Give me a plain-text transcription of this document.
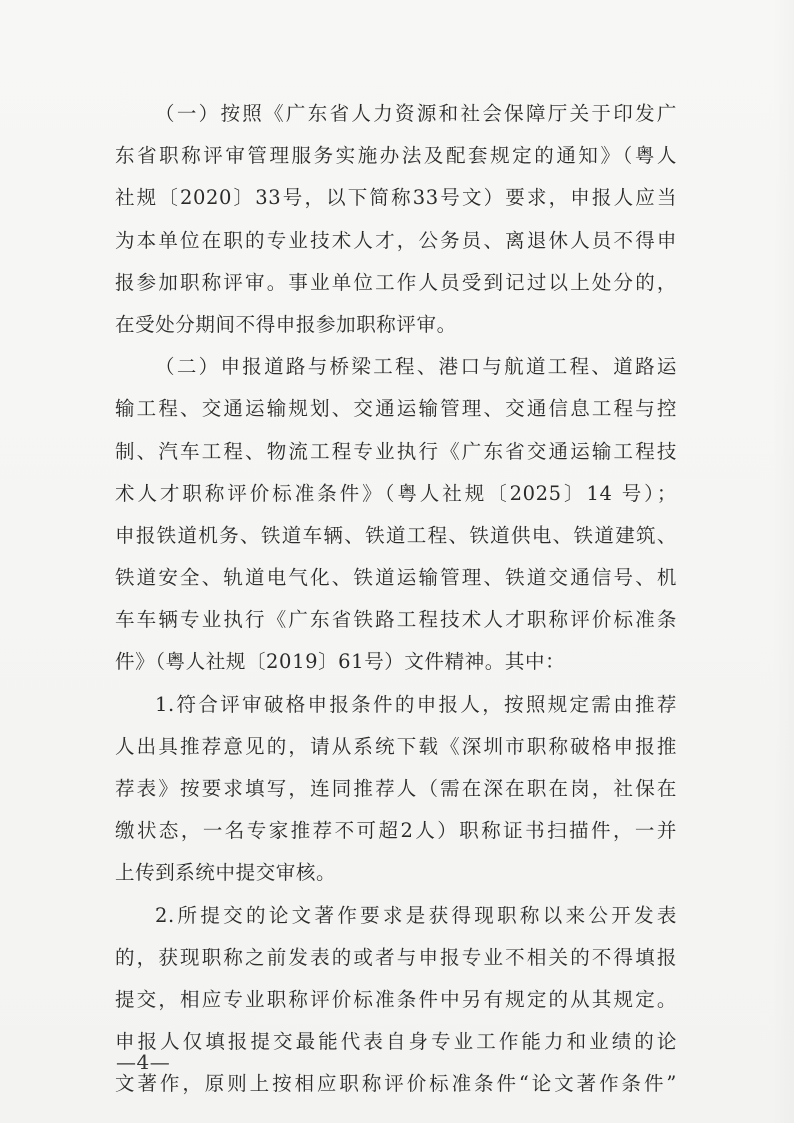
（一）按照《广东省人力资源和社会保障厅关于印发广
东省职称评审管理服务实施办法及配套规定的通知》（粤人
社规〔2020〕33号，以下简称33号文）要求，申报人应当
为本单位在职的专业技术人才，公务员、离退休人员不得申
报参加职称评审。事业单位工作人员受到记过以上处分的，
在受处分期间不得申报参加职称评审。
（二）申报道路与桥梁工程、港口与航道工程、道路运
输工程、交通运输规划、交通运输管理、交通信息工程与控
制、汽车工程、物流工程专业执行《广东省交通运输工程技
术人才职称评价标准条件》（粤人社规〔2025〕14 号）；
申报铁道机务、铁道车辆、铁道工程、铁道供电、铁道建筑、
铁道安全、轨道电气化、铁道运输管理、铁道交通信号、机
车车辆专业执行《广东省铁路工程技术人才职称评价标准条
件》（粤人社规〔2019〕61号）文件精神。其中：
1.符合评审破格申报条件的申报人，按照规定需由推荐
人出具推荐意见的，请从系统下载《深圳市职称破格申报推
荐表》按要求填写，连同推荐人（需在深在职在岗，社保在
缴状态，一名专家推荐不可超2人）职称证书扫描件，一并
上传到系统中提交审核。
2.所提交的论文著作要求是获得现职称以来公开发表
的，获现职称之前发表的或者与申报专业不相关的不得填报
提交，相应专业职称评价标准条件中另有规定的从其规定。
申报人仅填报提交最能代表自身专业工作能力和业绩的论
文著作，原则上按相应职称评价标准条件“论文著作条件”
—4—
